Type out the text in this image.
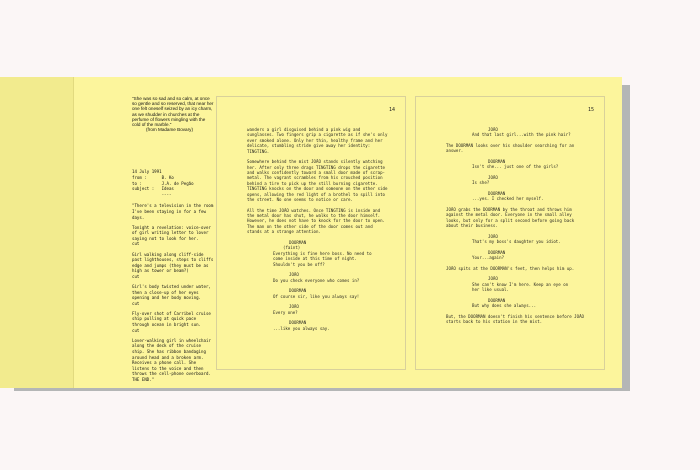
"She was so sad and so calm, at once so gentle and so reserved, that near her one felt oneself seized by an icy charm, as we shudder in churches at the perfume of flowers mingling with the cold of the marble."
(from Madame Bovary)
14 July 1991
from :      B. Ko
to :        J.A. de Pegão
subject :   Ideas
----

"There's a television in the room I've been staying in for a few days.

Tonight a revelation: voice-over of girl writing letter to lover saying not to look for her.
cut

Girl walking along cliff-side past lighthouses, steps to cliffs edge and jumps (they must be as high as tower or beam?)
cut

Girl's body twisted under water, then a close-up of her eyes opening and her body moving.
cut

Fly-over shot of Carribel cruise ship pulling at quick pace through ocean in bright sun.
cut

Lover-walking girl in wheelchair along the deck of the cruise ship. She has ribbon bandaging around head and a broken arm. Receives a phone call. She listens to the voice and then throws the cell-phone overboard.
THE END."

14
wanders a girl disguised behind a pink wig and sunglasses. Two fingers grip a cigarette as if she's only ever smoked alone. Only her thin, healthy frame and her delicate, stumbling stride give away her identity: TINGTING.
Somewhere behind the mist JOÃO stands silently watching her. After only three drags TINGTING drops the cigarette and walks confidently toward a small door made of scrap-metal. The vagrant scrambles from his crouched position behind a tire to pick up the still burning cigarette. TINGTING knocks on the door and someone on the other side opens, allowing the red light of a brothel to spill into the street. No one seems to notice or care.
All the time JOÃO watches. Once TINGTING is inside and the metal door has shut, he walks to the door himself. However, he does not have to knock for the door to open. The man on the other side of the door comes out and stands at a strange attention.
DOORMAN
(faint)
Everything is fine here boss. No need to come inside at this time of night. Shouldn't you be off?
JOÃO
Do you check everyone who comes in?
DOORMAN
Of course sir, like you always say!
JOÃO
Every one?
DOORMAN
...like you always say.
15
JOÃO
And that last girl...with the pink hair?
The DOORMAN looks over his shoulder searching for an answer.
DOORMAN
Isn't she... just one of the girls?
JOÃO
Is she?
DOORMAN
...yes. I checked her myself.
JOÃO grabs the DOORMAN by the throat and throws him against the metal door. Everyone in the small alley looks, but only for a split second before going back about their business.
JOÃO
That's my boss's daughter you idiot.
DOORMAN
Your...again?
JOÃO spits at the DOORMAN's feet, then helps him up.
JOÃO
She can't know I'm here. Keep an eye on her like usual.
DOORMAN
But why does she always...
But, the DOORMAN doesn't finish his sentence before JOÃO starts back to his station in the mist.
